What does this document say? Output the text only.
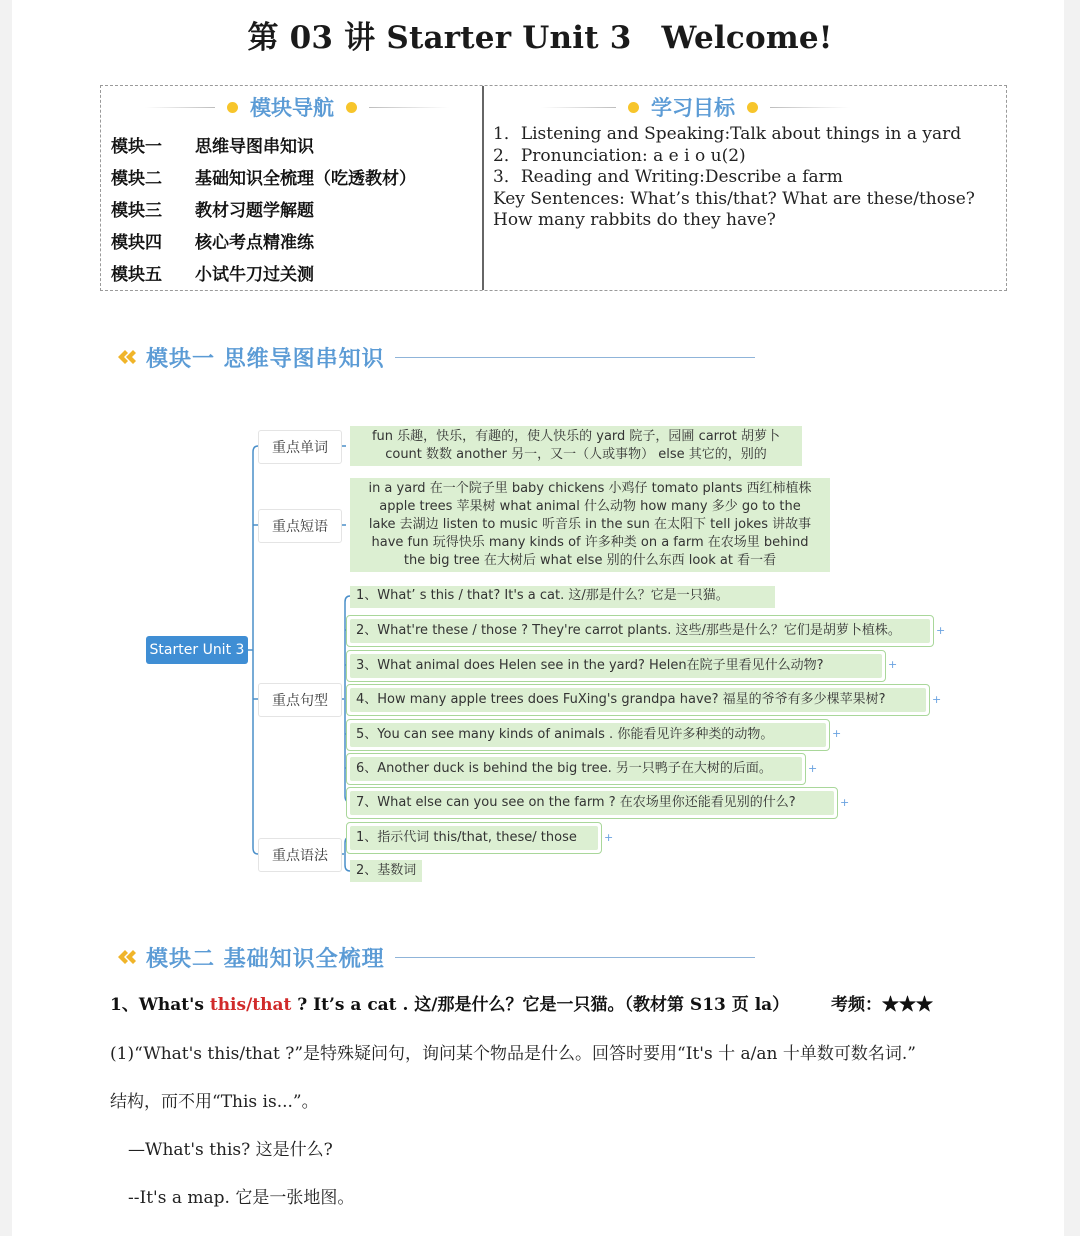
第 03 讲 Starter Unit 3 Welcome!
模块导航	学习目标
模块一	思维导图串知识
模块二	基础知识全梳理（吃透教材）
模块三	教材习题学解题
模块四	核心考点精准练
模块五	小试牛刀过关测
1．Listening and Speaking:Talk about things in a yard
2．Pronunciation: a e i o u(2)
3．Reading and Writing:Describe a farm
Key Sentences: What’s this/that? What are these/those?
How many rabbits do they have?
模块一 思维导图串知识
Starter Unit 3
重点单词
重点短语
重点句型
重点语法
fun 乐趣，快乐，有趣的，使人快乐的 yard 院子，园圃 carrot 胡萝卜
count 数数 another 另一，又一（人或事物） else 其它的，别的
in a yard 在一个院子里 baby chickens 小鸡仔 tomato plants 西红柿植株
apple trees 苹果树 what animal 什么动物 how many 多少 go to the
lake 去湖边 listen to music 听音乐 in the sun 在太阳下 tell jokes 讲故事
have fun 玩得快乐 many kinds of 许多种类 on a farm 在农场里 behind
the big tree 在大树后 what else 别的什么东西 look at 看一看
1、What’ s this / that? It's a cat. 这/那是什么？它是一只猫。
2、What're these / those ? They're carrot plants. 这些/那些是什么？它们是胡萝卜植株。
3、What animal does Helen see in the yard? Helen在院子里看见什么动物?
4、How many apple trees does FuXing's grandpa have? 福星的爷爷有多少棵苹果树?
5、You can see many kinds of animals . 你能看见许多种类的动物。
6、Another duck is behind the big tree. 另一只鸭子在大树的后面。
7、What else can you see on the farm ? 在农场里你还能看见别的什么?
1、指示代词 this/that, these/ those
2、基数词
+
+
+
+
+
+
+
模块二 基础知识全梳理
1、What's this/that ? It’s a cat . 这/那是什么？它是一只猫。（教材第 S13 页 la） 考频：★★★
(1)“What's this/that ?”是特殊疑问句，询问某个物品是什么。回答时要用“It's 十 a/an 十单数可数名词.”
结构，而不用“This is...”。
—What's this? 这是什么?
--It's a map. 它是一张地图。
